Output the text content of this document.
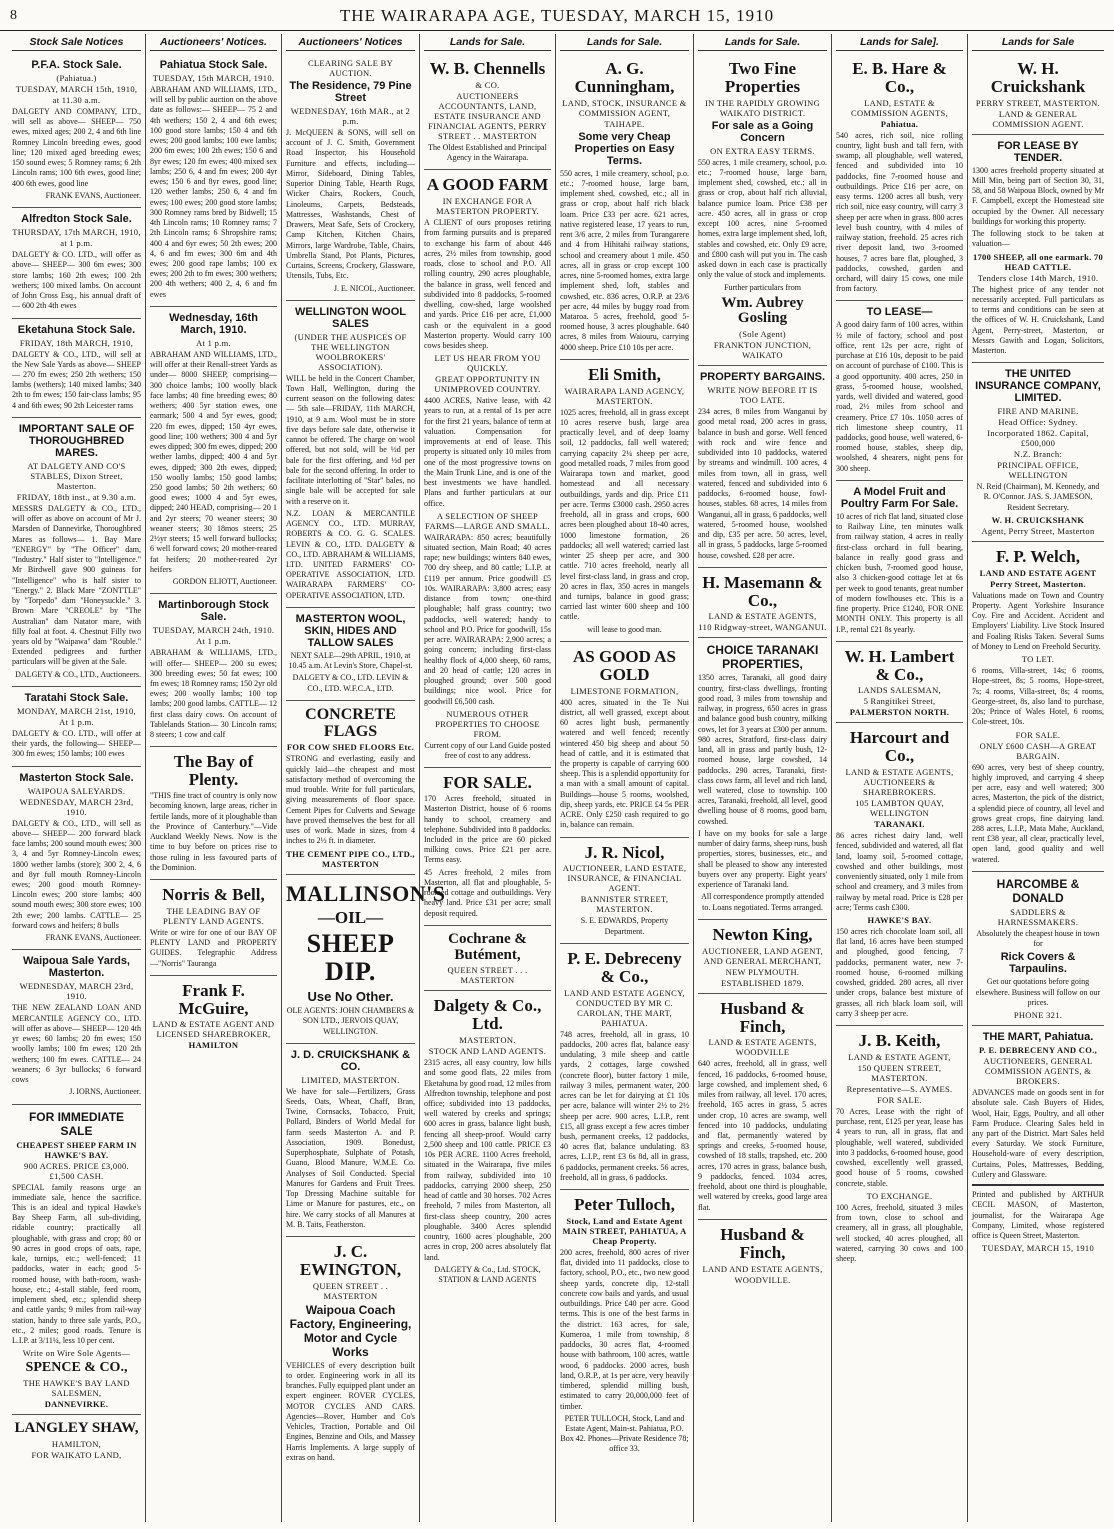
8	THE WAIRARAPA AGE, TUESDAY, MARCH 15, 1910
Stock Sale Notices
P.F.A. Stock Sale.
(Pahiatua.)
TUESDAY, MARCH 15th, 1910,
at 11.30 a.m.

DALGETY AND COMPANY, LTD., will sell as above— SHEEP— 750 ewes, mixed ages; 200 2, 4 and 6th line Romney Lincoln breeding ewes, good line; 120 mixed aged breeding ewes; 150 sound ewes; 5 Romney rams; 6 2th Lincoln rams; 100 6th ewes, good line; 400 6th ewes, good line

FRANK EVANS, Auctioneer.

Alfredton Stock Sale.
THURSDAY, 17th MARCH, 1910,
at 1 p.m.

DALGETY & CO. LTD., will offer as above— SHEEP— 300 6m ewes; 300 store lambs; 160 2th ewes; 100 2th wethers; 100 mixed lambs. On account of John Cross Esq., his annual draft of— 600 2th 4th ewes

Eketahuna Stock Sale.
FRIDAY, 18th MARCH, 1910,

DALGETY & CO., LTD., will sell at the New Sale Yards as above— SHEEP— 270 fm ewes; 250 2th wethers; 150 lambs (wethers); 140 mixed lambs; 340 2th to fm ewes; 150 fair-class lambs; 95 4 and 6th ewes; 90 2th Leicester rams

IMPORTANT SALE OF THOROUGHBRED MARES.
AT DALGETY AND CO'S STABLES, Dixon Street, Masterton.
FRIDAY, 18th inst., at 9.30 a.m.

MESSRS DALGETY & CO., LTD., will offer as above on account of Mr J. Marsden of Dannevirke, Thoroughbred Mares as follows— 1. Bay Mare "ENERGY" by "The Officer" dam, "Industry." Half sister to "Intelligence." Mr Birdwell gave 900 guineas for "Intelligence" who is half sister to "Energy." 2. Black Mare "ZONTTLE" by "Torpedo" dam "Honeysuckle." 3. Brown Mare "CREOLE" by "The Australian" dam Natator mare, with filly foal at foot. 4. Chestnut Filly two years old by "Waipawa" dam "Rouble." Extended pedigrees and further particulars will be given at the Sale.

DALGETY & CO., LTD., Auctioneers.

Taratahi Stock Sale.
MONDAY, MARCH 21st, 1910,
At 1 p.m.

DALGETY & CO. LTD., will offer at their yards, the following— SHEEP— 300 fm ewes; 150 lambs; 100 ewes

Masterton Stock Sale.
WAIPOUA SALEYARDS.
WEDNESDAY, MARCH 23rd, 1910.

DALGETY & CO., LTD., will sell as above— SHEEP— 200 forward black face lambs; 200 sound mouth ewes; 300 3, 4 and 5yr Romney-Lincoln ewes; 1800 wether lambs (store); 300 2, 4, 6 and 8yr full mouth Romney-Lincoln ewes; 200 good mouth Romney-Lincoln ewes; 200 store lambs; 400 sound mouth ewes; 300 store ewes; 100 2th ewe; 200 lambs. CATTLE— 25 forward cows and heifers; 8 bulls

FRANK EVANS, Auctioneer.

Waipoua Sale Yards, Masterton.
WEDNESDAY, MARCH 23rd, 1910.

THE NEW ZEALAND LOAN AND MERCANTILE AGENCY CO., LTD. will offer as above— SHEEP— 120 4th yr ewes; 60 lambs; 20 fm ewes; 150 woolly lambs; 100 fm ewes; 120 2th wethers; 100 fm ewes. CATTLE— 24 weaners; 6 3yr bullocks; 6 forward cows

J. IORNS, Auctioneer.

FOR IMMEDIATE SALE
CHEAPEST SHEEP FARM IN HAWKE'S BAY.
900 ACRES. PRICE £3,000. £1,500 CASH.

SPECIAL family reasons urge an immediate sale, hence the sacrifice. This is an ideal and typical Hawke's Bay Sheep Farm, all sub-dividing, ridable country; practically all ploughable, with grass and crop; 80 or 90 acres in good crops of oats, rape, kale, turnips, etc.; well-fenced; 11 paddocks, water in each; good 5-roomed house, with bath-room, wash-house, etc.; 4-stall stable, feed room, implement shed, etc.; splendid sheep and cattle yards; 9 miles from rail-way station, handy to three sale yards, P.O., etc., 2 miles; good roads. Tenure is L.I.P. at 3/11¼, less 10 per cent.

Write on Wire Sole Agents—
SPENCE & CO.,
THE HAWKE'S BAY LAND SALESMEN,
DANNEVIRKE.
LANGLEY SHAW,
HAMILTON,
FOR WAIKATO LAND,
Auctioneers' Notices.
Pahiatua Stock Sale.
TUESDAY, 15th MARCH, 1910.

ABRAHAM AND WILLIAMS, LTD., will sell by public auction on the above date as follows:— SHEEP— 75 2 and 4th wethers; 150 2, 4 and 6th ewes; 100 good store lambs; 150 4 and 6th ewes; 200 good lambs; 100 ewe lambs; 200 6m ewes; 100 2th ewes; 150 6 and 8yr ewes; 120 fm ewes; 400 mixed sex lambs; 250 6, 4 and fm ewes; 200 4yr ewes; 150 6 and 8yr ewes, good line; 120 wether lambs; 250 6, 4 and fm ewes; 100 ewes; 200 good store lambs; 300 Romney rams bred by Bidwell; 15 4th Lincoln rams; 10 Romney rams; 7 2th Lincoln rams; 6 Shropshire rams; 400 4 and 6yr ewes; 50 2th ewes; 200 4, 6 and fm ewes; 300 6m and 4th ewes; 200 good rape lambs; 100 ex ewes; 200 2th to fm ewes; 300 wethers; 200 4th wethers; 400 2, 4, 6 and fm ewes

Wednesday, 16th March, 1910.
At 1 p.m.

ABRAHAM AND WILLIAMS, LTD., will offer at their Renall-street Yards as under— 8000 SHEEP, comprising— 300 choice lambs; 100 woolly black face lambs; 40 fine breeding ewes; 80 wethers; 400 5yr station ewes, one earmark; 500 4 and 5yr ewes, good; 220 fm ewes, dipped; 150 4yr ewes, good line; 100 wethers; 300 4 and 5yr ewes dipped; 300 fm ewes, dipped; 200 wether lambs, dipped; 400 4 and 5yr ewes, dipped; 300 2th ewes, dipped; 150 woolly lambs; 150 good lambs; 250 good lambs; 50 2th wethers; 60 good ewes; 1000 4 and 5yr ewes, dipped; 240 HEAD, comprising— 20 1 and 2yr steers; 70 weaner steers; 30 weaner steers; 30 18mos steers; 25 2½yr steers; 15 well forward bullocks; 6 well forward cows; 20 mother-reared fat heifers; 20 mother-reared 2yr heifers

GORDON ELIOTT, Auctioneer.

Martinborough Stock Sale.
TUESDAY, MARCH 24th, 1910.
At 1 p.m.

ABRAHAM & WILLIAMS, LTD., will offer— SHEEP— 200 su ewes; 300 breeding ewes; 50 fat ewes; 100 fm ewes; 18 Romney rams; 150 2yr old ewes; 200 woolly lambs; 100 top lambs; 200 good lambs. CATTLE— 12 first class dairy cows. On account of Tablelands Station— 30 Lincoln rams; 8 steers; 1 cow and calf

The Bay of Plenty.

"THIS fine tract of country is only now becoming known, large areas, richer in fertile lands, more of it ploughable than the Province of Canterbury."—Vide Auckland Weekly News. Now is the time to buy before on prices rise to those ruling in less favoured parts of the Dominion.

Norris & Bell,
THE LEADING BAY OF PLENTY LAND AGENTS.

Write or wire for one of our BAY OF PLENTY LAND and PROPERTY GUIDES. Telegraphic Address—"Norris" Tauranga

Frank F. McGuire,
LAND & ESTATE AGENT AND LICENSED SHAREBROKER,
HAMILTON
Auctioneers' Notices
CLEARING SALE BY AUCTION.
The Residence, 79 Pine Street
WEDNESDAY, 16th MAR., at 2 p.m.

J. McQUEEN & SONS, will sell on account of J. C. Smith, Government Road Inspector, his Household Furniture and effects, including— Mirror, Sideboard, Dining Tables, Superior Dining Table, Hearth Rugs, Wicker Chairs, Rockers, Couch, Linoleums, Carpets, Bedsteads, Mattresses, Washstands, Chest of Drawers, Meat Safe, Sets of Crockery, Camp Kitchen, Kitchen Chairs, Mirrors, large Wardrobe, Table, Chairs, Umbrella Stand, Pot Plants, Pictures, Curtains, Screens, Crockery, Glassware, Utensils, Tubs, Etc.

J. E. NICOL, Auctioneer.

WELLINGTON WOOL SALES
(UNDER THE AUSPICES OF THE WELLINGTON WOOLBROKERS' ASSOCIATION).

WILL be held in the Concert Chamber, Town Hall, Wellington, during the current season on the following dates:— 5th sale—FRIDAY, 11th MARCH, 1910, at 9 a.m. Wool must be in store five days before sale date, otherwise it cannot be offered. The charge on wool offered, but not sold, will be ½d per bale for the first offering, and ½d per bale for the second offering. In order to facilitate interlotting of "Star" bales, no single bale will be accepted for sale with a reserve on it.

N.Z. LOAN & MERCANTILE AGENCY CO., LTD. MURRAY, ROBERTS & CO. G. G. SCALES. LEVIN & CO., LTD. DALGETY & CO., LTD. ABRAHAM & WILLIAMS, LTD. UNITED FARMERS' CO-OPERATIVE ASSOCIATION, LTD. WAIRARAPA FARMERS' CO-OPERATIVE ASSOCIATION, LTD.

MASTERTON WOOL, SKIN, HIDES AND TALLOW SALES

NEXT SALE—29th APRIL, 1910, at 10.45 a.m. At Levin's Store, Chapel-st.

DALGETY & CO., LTD. LEVIN & CO., LTD. W.F.C.A., LTD.

CONCRETE FLAGS
FOR COW SHED FLOORS Etc.

STRONG and everlasting, easily and quickly laid—the cheapest and most satisfactory method of overcoming the mud trouble. Write for full particulars, giving measurements of floor space. Cement Pipes for Culverts and Sewage have proved themselves the best for all uses of work. Made in sizes, from 4 inches to 2½ ft. in diameter.

THE CEMENT PIPE CO., LTD., MASTERTON
MALLINSON'S
—OIL—
SHEEP DIP.
Use No Other.

OLE AGENTS: JOHN CHAMBERS & SON LTD., JERVOIS QUAY, WELLINGTON.

J. D. CRUICKSHANK & CO.
LIMITED, MASTERTON.

We have for sale—Fertilizers, Grass Seeds, Oats, Wheat, Chaff, Bran, Twine, Cornsacks, Tobacco, Fruit, Pollard, Binders of World Medal for farm seeds Masterton A. and P. Association, 1909. Bonedust, Superphosphate, Sulphate of Potash, Guano, Blood Manure, W.M.E. Co. Analyses of Soil Conducted. Special Manures for Gardens and Fruit Trees. Top Dressing Machine suitable for Lime or Manure for pastures, etc., on hire. We carry stocks of all Manures at M. B. Taits, Featherston.

J. C. EWINGTON,
QUEEN STREET . . MASTERTON
Waipoua Coach Factory, Engineering, Motor and Cycle Works

VEHICLES of every description built to order. Engineering work in all its branches. Fully equipped plant under an expert engineer. ROVER CYCLES, MOTOR CYCLES AND CARS. Agencies—Rover, Humber and Co's Vehicles, Traction, Portable and Oil Engines, Benzine and Oils, and Massey Harris Implements. A large supply of extras on hand.

Lands for Sale.
W. B. Chennells
& CO.
AUCTIONEERS ACCOUNTANTS, LAND, ESTATE INSURANCE AND FINANCIAL AGENTS, PERRY STREET . . MASTERTON

The Oldest Established and Principal Agency in the Wairarapa.

A GOOD FARM
IN EXCHANGE FOR A MASTERTON PROPERTY.

A CLIENT of ours proposes retiring from farming pursuits and is prepared to exchange his farm of about 446 acres, 2½ miles from township, good roads, close to school and P.O. All rolling country, 290 acres ploughable, the balance in grass, well fenced and subdivided into 8 paddocks, 5-roomed dwelling, cow-shed, large woolshed and yards. Price £16 per acre, £1,000 cash or the equivalent in a good Masterton property. Would carry 100 cows besides sheep.

LET US HEAR FROM YOU QUICKLY.
GREAT OPPORTUNITY IN UNIMPROVED COUNTRY.

4400 ACRES, Native lease, with 42 years to run, at a rental of 1s per acre for the first 21 years, balance of term at valuation. Compensation for improvements at end of lease. This property is situated only 10 miles from one of the most progressive towns on the Main Trunk Line, and is one of the best investments we have handled. Plans and further particulars at our office.

A SELECTION OF SHEEP FARMS—LARGE AND SMALL.

WAIRARAPA: 850 acres; beautifully situated section, Main Road; 40 acres rape; new buildings; winters 840 ewes, 700 dry sheep, and 80 cattle; L.I.P. at £119 per annum. Price goodwill £5 10s. WAIRARAPA: 3,800 acres; easy distance from town; one-third ploughable; half grass country; two paddocks, well watered; handy to school and P.O. Price for goodwill, 15s per acre. WAIRARAPA: 2,900 acres; a going concern; including first-class healthy flock of 4,000 sheep, 60 rams, and 20 head of cattle; 120 acres in ploughed ground; over 500 good buildings; nice wool. Price for goodwill £6,500 cash.

NUMEROUS OTHER PROPERTIES TO CHOOSE FROM.

Current copy of our Land Guide posted free of cost to any address.

FOR SALE.

170 Acres freehold, situated in Masterton District, house of 6 rooms handy to school, creamery and telephone. Subdivided into 8 paddocks. Included in the price are 60 picked milking cows. Price £21 per acre. Terms easy.

45 Acres freehold, 2 miles from Masterton, all flat and ploughable, 5-roomed cottage and outbuildings. Very heavy land. Price £31 per acre; small deposit required.

Cochrane & Butément,
QUEEN STREET . . . MASTERTON
Dalgety & Co., Ltd.
MASTERTON.
STOCK AND LAND AGENTS.

2315 acres, all easy country, low hills and some good flats, 22 miles from Eketahuna by good road, 12 miles from Alfredton township, telephone and post office; subdivided into 13 paddocks, well watered by creeks and springs; 600 acres in grass, balance light bush, fencing all sheep-proof. Would carry 2,500 sheep and 100 cattle. PRICE £3 10s PER ACRE. 1100 Acres freehold, situated in the Wairarapa, five miles from railway, subdivided into 10 paddocks, carrying 2000 sheep, 250 head of cattle and 30 horses. 702 Acres freehold, 7 miles from Masterton, all first-class sheep country, 200 acres ploughable. 3400 Acres splendid country, 1600 acres ploughable, 200 acres in crop, 200 acres absolutely flat land.

DALGETY & Co., Ltd. STOCK, STATION & LAND AGENTS

Lands for Sale.
A. G. Cunningham,
LAND, STOCK, INSURANCE & COMMISSION AGENT,
TAIHAPE.
Some very Cheap Properties on Easy Terms.

550 acres, 1 mile creamery, school, p.o. etc.; 7-roomed house, large barn, implement shed, cowshed, etc.; all in grass or crop, about half rich black loam. Price £33 per acre. 621 acres, native registered lease, 17 years to run, rent 3/6 acre, 2 miles from Turangarere and 4 from Hihitahi railway stations, school and creamery about 1 mile. 450 acres, all in grass or crop except 100 acres, nine 5-roomed homes, extra large implement shed, loft, stables and cowshed, etc. 836 acres, O.R.P. at 23/6 per acre, 44 miles by buggy road from Mataroa. 5 acres, freehold, good 5-roomed house, 3 acres ploughable. 640 acres, 8 miles from Waiouru, carrying 4000 sheep. Price £10 10s per acre.

Eli Smith,
WAIRARAPA LAND AGENCY, MASTERTON.

1025 acres, freehold, all in grass except 10 acres reserve bush, large area practically level, and of deep loamy soil, 12 paddocks, fall well watered; carrying capacity 2¼ sheep per acre, good metalled roads, 7 miles from good Wairarapa town and market, good homestead and all necessary outbuildings, yards and dip. Price £11 per acre. Terms £3000 cash. 2950 acres freehold, all in grass and crops, 600 acres been ploughed about 18-40 acres, 1000 limestone formation, 26 paddocks; all well watered; carried last winter 25 sheep per acre, and 300 cattle. 710 acres freehold, nearly all level first-class land, in grass and crop, 20 acres in flax, 350 acres in mangels and turnips, balance in good grass; carried last winter 600 sheep and 100 cattle.

will lease to good man.

AS GOOD AS GOLD
LIMESTONE FORMATION,

400 acres, situated in the Te Nui district, all well grassed, except about 60 acres light bush, permanently watered and well fenced; recently wintered 450 big sheep and about 50 head of cattle, and it is estimated that the property is capable of carrying 600 sheep. This is a splendid opportunity for a man with a small amount of capital. Buildings—house 5 rooms, woolshed, dip, sheep yards, etc. PRICE £4 5s PER ACRE. Only £250 cash required to go in, balance can remain.

J. R. Nicol,
AUCTIONEER, LAND ESTATE, INSURANCE, & FINANCIAL AGENT.
BANNISTER STREET, MASTERTON.

S. E. EDWARDS, Property Department.

P. E. Debreceny & Co.,
LAND AND ESTATE AGENCY, CONDUCTED BY MR C. CAROLAN, THE MART, PAHIATUA.

748 acres, freehold, all in grass, 10 paddocks, 200 acres flat, balance easy undulating, 3 mile sheep and cattle yards, 2 cottages, large cowshed (concrete floor), butter factory 1 mile, railway 3 miles, permanent water, 200 acres can be let for dairying at £1 10s per acre, balance will winter 2½ to 2½ sheep per acre. 900 acres, L.I.P., rent £15, all grass except a few acres timber bush, permanent creeks, 12 paddocks, 40 acres flat, balance undulating. 83 acres, L.I.P., rent £3 6s 8d, all in grass, 6 paddocks, permanent creeks. 56 acres, freehold, all in grass, 6 paddocks.

Peter Tulloch,
Stock, Land and Estate Agent MAIN STREET, PAHIATUA, A Cheap Property.

200 acres, freehold, 800 acres of river flat, divided into 11 paddocks, close to factory, school, P.O., etc., two new good sheep yards, concrete dip, 12-stall concrete cow bails and yards, and usual outbuildings. Price £40 per acre. Good terms. This is one of the best farms in the district. 163 acres, for sale, Kumeroa, 1 mile from township, 8 paddocks, 30 acres flat, 4-roomed house with bathroom, 100 acres, wattle wood, 6 paddocks. 2000 acres, bush land, O.R.P., at 1s per acre, very heavily timbered, splendid milling bush, estimated to carry 20,000,000 feet of timber.

PETER TULLOCH, Stock, Land and Estate Agent, Main-st. Pahiatua, P.O. Box 42. Phones—Private Residence 78; office 33.

Lands for Sale.
Two Fine Properties
IN THE RAPIDLY GROWING WAIKATO DISTRICT.
For sale as a Going Concern
ON EXTRA EASY TERMS.

550 acres, 1 mile creamery, school, p.o. etc.; 7-roomed house, large barn, implement shed, cowshed, etc.; all in grass or crop, about half rich alluvial, balance pumice loam. Price £38 per acre. 450 acres, all in grass or crop except 100 acres, nine 5-roomed homes, extra large implement shed, loft, stables and cowshed, etc. Only £9 acre, and £800 cash will put you in. The cash asked down in each case is practically only the value of stock and implements.

Further particulars from

Wm. Aubrey Gosling
(Sole Agent)
FRANKTON JUNCTION, WAIKATO
PROPERTY BARGAINS.
WRITE NOW BEFORE IT IS TOO LATE.

234 acres, 8 miles from Wanganui by good metal road, 200 acres in grass, balance in bush and gorse. Well fenced with rock and wire fence and subdivided into 10 paddocks, watered by streams and windmill. 100 acres, 4 miles from town, all in grass, well watered, fenced and subdivided into 6 paddocks, 6-roomed house, fowl-houses, stables. 68 acres, 14 miles from Wanganui, all in grass, 6 paddocks, well watered, 5-roomed house, woolshed and dip, £35 per acre. 50 acres, level, all in grass, 5 paddocks, large 5-roomed house, cowshed. £28 per acre.

H. Masemann & Co.,
LAND & ESTATE AGENTS,
110 Ridgway-street, WANGANUI.
CHOICE TARANAKI PROPERTIES,

1350 acres, Taranaki, all good dairy country, first-class dwellings, fronting good road, 3 miles from township and railway, in progress, 650 acres in grass and balance good bush country, milking cows, let for 3 years at £300 per annum. 980 acres, Stratford, first-class dairy land, all in grass and partly bush, 12-roomed house, large cowshed, 14 paddocks. 290 acres, Taranaki, first-class cows farm, all level and rich land, well watered, close to township. 100 acres, Taranaki, freehold, all level, good dwelling house of 8 rooms, good barn, cowshed.

I have on my books for sale a large number of dairy farms, sheep runs, bush properties, stores, businesses, etc., and shall be pleased to show any interested buyers over any property. Eight years' experience of Taranaki land.

All correspondence promptly attended to. Loans negotiated. Terms arranged.

Newton King,
AUCTIONEER, LAND AGENT, AND GENERAL MERCHANT,
NEW PLYMOUTH.
ESTABLISHED 1879.
Husband & Finch,
LAND & ESTATE AGENTS, WOODVILLE

640 acres, freehold, all in grass, well fenced, 16 paddocks, 6-roomed house, large cowshed, and implement shed, 6 miles from railway, all level. 170 acres, freehold, 165 acres in grass, 5 acres under crop, 10 acres are swamp, well fenced into 10 paddocks, undulating and flat, permanently watered by springs and creeks, 5-roomed house, cowshed of 18 stalls, trapshed, etc. 200 acres, 170 acres in grass, balance bush, 9 paddocks, fenced. 1034 acres, freehold, about one third is ploughable, well watered by creeks, good large area flat.

Husband & Finch,
LAND AND ESTATE AGENTS,
WOODVILLE.
Lands for Sale].
E. B. Hare & Co.,
LAND, ESTATE & COMMISSION AGENTS,
Pahiatua.

540 acres, rich soil, nice rolling country, light bush and tall fern, with swamp, all ploughable, well watered, fenced and subdivided into 10 paddocks, fine 7-roomed house and outbuildings. Price £16 per acre, on easy terms. 1200 acres all bush, very rich soil, nice easy country, will carry 3 sheep per acre when in grass. 800 acres level bush country, with 4 miles of railway station, freehold. 25 acres rich river deposit land, two 3-roomed houses, 7 acres bare flat, ploughed, 3 paddocks, cowshed, garden and orchard, will dairy 15 cows, one mile from factory.

TO LEASE—

A good dairy farm of 100 acres, within ½ mile of factory, school and post office, rent 12s per acre, right of purchase at £16 10s, deposit to be paid on account of purchase of £100. This is a good opportunity. 400 acres, 250 in grass, 5-roomed house, woolshed, yards, well divided and watered, good road, 2½ miles from school and creamery. Price £7 10s. 1050 acres of rich limestone sheep country, 11 paddocks, good house, well watered, 6-roomed house, stables, sheep dip, woolshed, 4 shearers, night pens for 300 sheep.

A Model Fruit and Poultry Farm For Sale.

10 acres of rich flat land, situated close to Railway Line, ten minutes walk from railway station, 4 acres in really first-class orchard in full bearing, balance in really good grass and chicken bush, 7-roomed good house, also 3 chicken-good cottage let at 6s per week to good tenants, great number of modern fowlhouses etc. This is a fine property. Price £1240, FOR ONE MONTH ONLY. This property is all I.P., rental £21 8s yearly.

W. H. Lambert & Co.,
LANDS SALESMAN,
5 Rangitikei Street,
PALMERSTON NORTH.
Harcourt and Co.,
LAND & ESTATE AGENTS, AUCTIONEERS & SHAREBROKERS.
105 LAMBTON QUAY, WELLINGTON
TARANAKI.

86 acres richest dairy land, well fenced, subdivided and watered, all flat land, loamy soil, 5-roomed cottage, cowshed and other buildings, most conveniently situated, only 1 mile from school and creamery, and 3 miles from railway by metal road. Price is £28 per acre; Terms cash £300.

HAWKE'S BAY.

150 acres rich chocolate loam soil, all flat land, 16 acres have been stumped and ploughed, good fencing, 7 paddocks, permanent water, new 7-roomed house, 6-roomed milking cowshed, gridded. 280 acres, all river under crops, balance best mixture of grasses, all rich black loam soil, will carry 3 sheep per acre.

J. B. Keith,
LAND & ESTATE AGENT,
150 QUEEN STREET, MASTERTON.
Representative—S. AYMES.
FOR SALE.

70 Acres, Lease with the right of purchase, rent, £125 per year, lease has 4 years to run, all in grass, flat and ploughable, well watered, subdivided into 3 paddocks, 6-roomed house, good cowshed, excellently well grassed, good house of 5 rooms, cowshed concrete, stable.

TO EXCHANGE.

100 Acres, freehold, situated 3 miles from town, close to school and creamery, all in grass, all ploughable, well stocked, 40 acres ploughed, all watered, carrying 30 cows and 100 sheep.

Lands for Sale
W. H. Cruickshank
PERRY STREET, MASTERTON.
LAND & GENERAL COMMISSION AGENT.
FOR LEASE BY TENDER.

1300 acres freehold property situated at Mill Min, being part of Section 30, 31, 58, and 58 Waipoua Block, owned by Mr F. Campbell, except the Homestead site occupied by the Owner. All necessary buildings for working this property.

The following stock to be taken at valuation—

1700 SHEEP, all one earmark. 70 HEAD CATTLE.
Tenders close 14th March, 1910.

The highest price of any tender not necessarily accepted. Full particulars as to terms and conditions can be seen at the offices of W. H. Cruickshank, Land Agent, Perry-street, Masterton, or Messrs Gawith and Logan, Solicitors, Masterton.

THE UNITED INSURANCE COMPANY, LIMITED.
FIRE AND MARINE.
Head Office: Sydney.
Incorporated 1862. Capital, £500,000
N.Z. Branch:
PRINCIPAL OFFICE, WELLINGTON

N. Reid (Chairman), M. Kennedy, and R. O'Connor. JAS. S. JAMESON, Resident Secretary.

W. H. CRUICKSHANK
Agent, Perry Street, Masterton
F. P. Welch,
LAND AND ESTATE AGENT
Perry Street, Masterton.

Valuations made on Town and Country Property. Agent Yorkshire Insurance Coy. Fire and Accident. Accident and Employers' Liability. Live Stock Insured and Foaling Risks Taken. Several Sums of Money to Lend on Freehold Security.

TO LET.

6 rooms, Villa-street, 14s; 6 rooms, Hope-street, 8s; 5 rooms, Hope-street, 7s; 4 rooms, Villa-street, 8s; 4 rooms, George-street, 8s, also land to purchase, 20s; Prince of Wales Hotel, 6 rooms, Cole-street, 10s.

FOR SALE.
ONLY £600 CASH—A GREAT BARGAIN.

690 acres, very best of sheep country, highly improved, and carrying 4 sheep per acre, easy and well watered; 300 acres, Masterton, the pick of the district, a splendid piece of country, all level and grows great crops, fine dairying land. 288 acres, L.I.P., Mata Mahe, Auckland, rent £38 year, all clear, practically level, open land, good quality and well watered.

HARCOMBE & DONALD
SADDLERS & HARNESSMAKERS.

Absolutely the cheapest house in town for

Rick Covers & Tarpaulins.

Get our quotations before going elsewhere. Business will follow on our prices.

PHONE 321.
THE MART, Pahiatua.
P. E. DEBRECENY AND CO.,
AUCTIONEERS, GENERAL COMMISSION AGENTS, & BROKERS.

ADVANCES made on goods sent in for absolute sale. Cash Buyers of Hides, Wool, Hair, Eggs, Poultry, and all other Farm Produce. Clearing Sales held in any part of the District. Mart Sales held every Saturday. We stock Furniture, Household-ware of every description, Curtains, Poles, Mattresses, Bedding, Cutlery and Glassware.

Printed and published by ARTHUR CECIL MASON, of Masterton, journalist, for the Wairarapa Age Company, Limited, whose registered office is Queen Street, Masterton.

TUESDAY, MARCH 15, 1910
